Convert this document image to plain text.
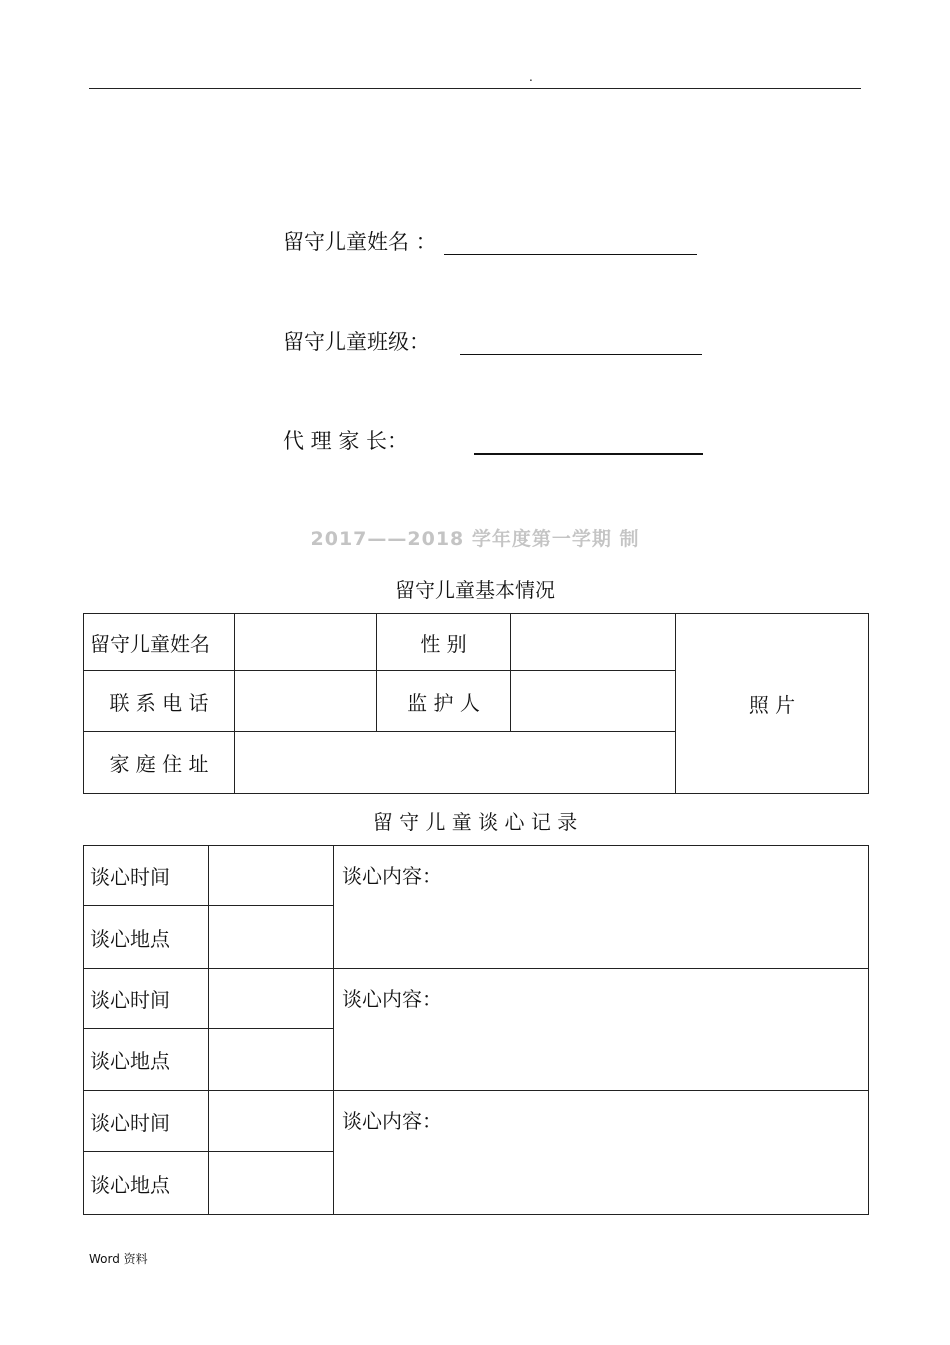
.
留守儿童姓名 ：
留守儿童班级：
代 理 家 长：
2017——2018 学年度第一学期 制
留守儿童基本情况
留守儿童姓名		性 别		照 片
联 系 电 话		监 护 人		
家 庭 住 址				
留 守 儿 童 谈 心 记 录
谈心时间		谈心内容：
谈心地点		
谈心时间		谈心内容：
谈心地点		
谈心时间		谈心内容：
谈心地点		
Word 资料
